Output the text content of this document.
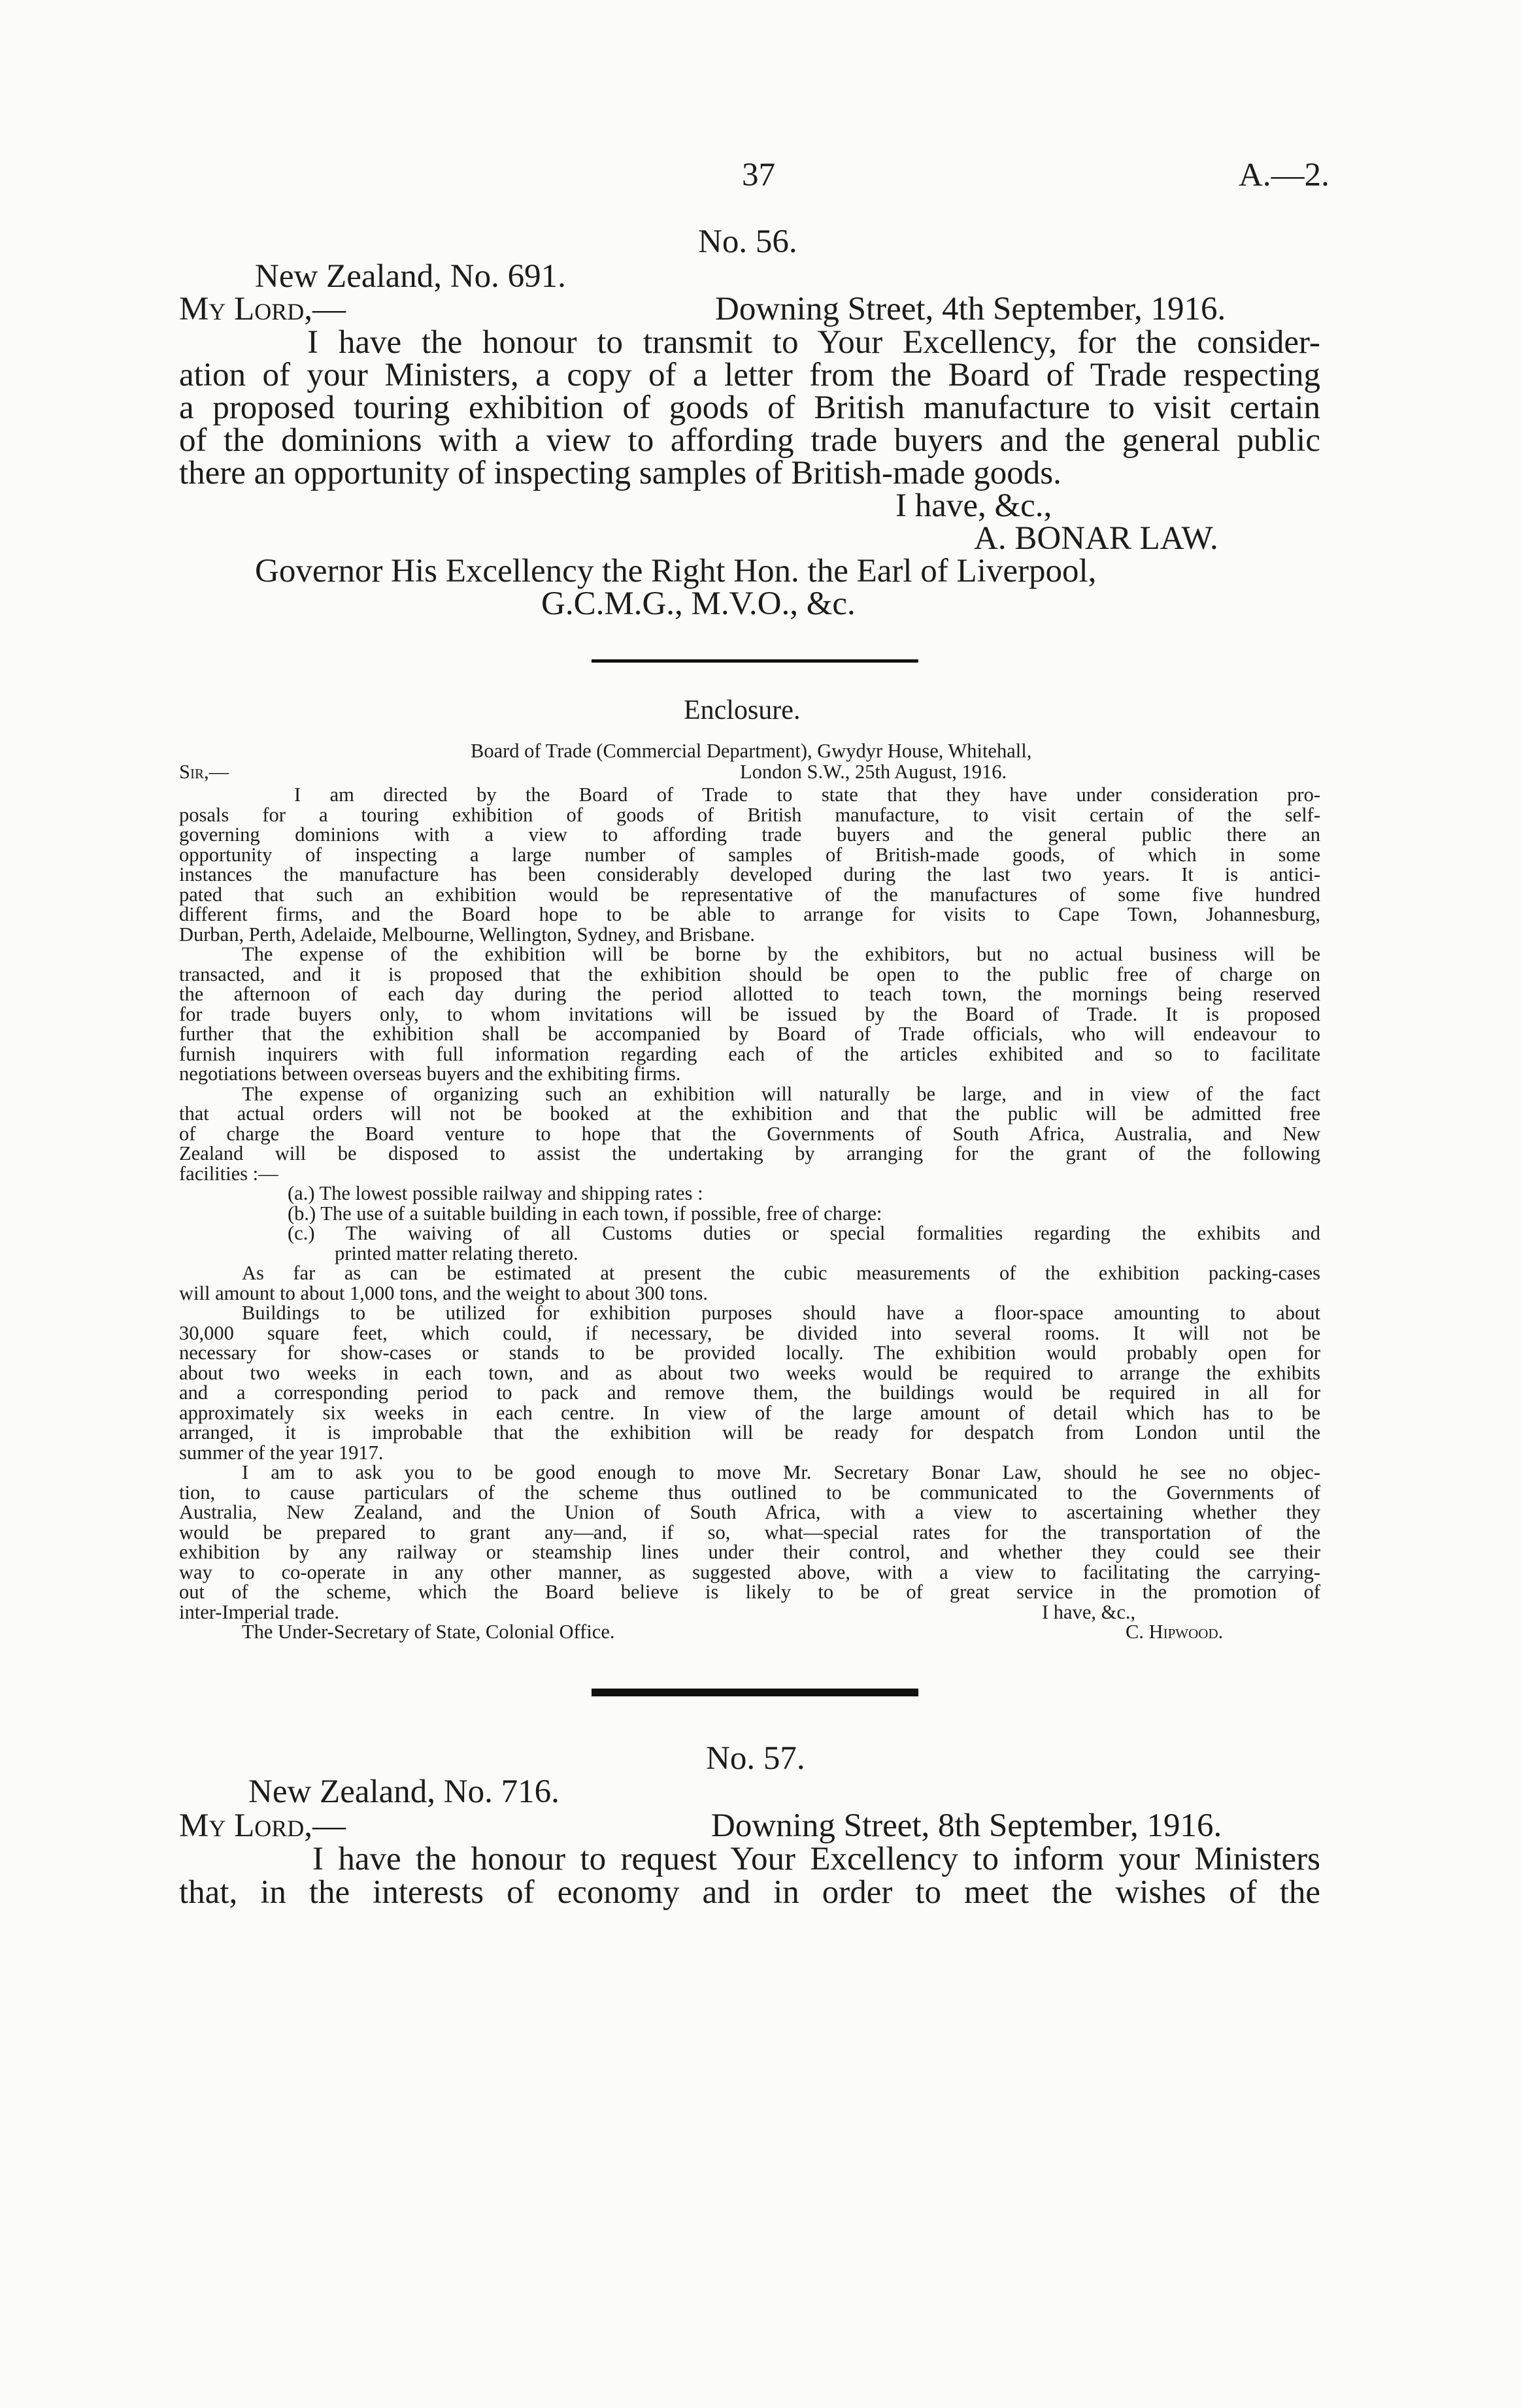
37	A.—2.
No. 56.
New Zealand, No. 691.
My Lord,—	Downing Street, 4th September, 1916.
I have the honour to transmit to Your Excellency, for the consider-
ation of your Ministers, a copy of a letter from the Board of Trade respecting
a proposed touring exhibition of goods of British manufacture to visit certain
of the dominions with a view to affording trade buyers and the general public
there an opportunity of inspecting samples of British-made goods.
I have, &c.,
A. BONAR LAW.
Governor His Excellency the Right Hon. the Earl of Liverpool,
G.C.M.G., M.V.O., &c.
Enclosure.
Board of Trade (Commercial Department), Gwydyr House, Whitehall,
Sir,—	London S.W., 25th August, 1916.
I am directed by the Board of Trade to state that they have under consideration pro-
posals for a touring exhibition of goods of British manufacture, to visit certain of the self-
governing dominions with a view to affording trade buyers and the general public there an
opportunity of inspecting a large number of samples of British-made goods, of which in some
instances the manufacture has been considerably developed during the last two years. It is antici-
pated that such an exhibition would be representative of the manufactures of some five hundred
different firms, and the Board hope to be able to arrange for visits to Cape Town, Johannesburg,
Durban, Perth, Adelaide, Melbourne, Wellington, Sydney, and Brisbane.
The expense of the exhibition will be borne by the exhibitors, but no actual business will be
transacted, and it is proposed that the exhibition should be open to the public free of charge on
the afternoon of each day during the period allotted to teach town, the mornings being reserved
for trade buyers only, to whom invitations will be issued by the Board of Trade. It is proposed
further that the exhibition shall be accompanied by Board of Trade officials, who will endeavour to
furnish inquirers with full information regarding each of the articles exhibited and so to facilitate
negotiations between overseas buyers and the exhibiting firms.
The expense of organizing such an exhibition will naturally be large, and in view of the fact
that actual orders will not be booked at the exhibition and that the public will be admitted free
of charge the Board venture to hope that the Governments of South Africa, Australia, and New
Zealand will be disposed to assist the undertaking by arranging for the grant of the following
facilities :—
(a.) The lowest possible railway and shipping rates :
(b.) The use of a suitable building in each town, if possible, free of charge:
(c.) The waiving of all Customs duties or special formalities regarding the exhibits and
printed matter relating thereto.
As far as can be estimated at present the cubic measurements of the exhibition packing-cases
will amount to about 1,000 tons, and the weight to about 300 tons.
Buildings to be utilized for exhibition purposes should have a floor-space amounting to about
30,000 square feet, which could, if necessary, be divided into several rooms. It will not be
necessary for show-cases or stands to be provided locally. The exhibition would probably open for
about two weeks in each town, and as about two weeks would be required to arrange the exhibits
and a corresponding period to pack and remove them, the buildings would be required in all for
approximately six weeks in each centre. In view of the large amount of detail which has to be
arranged, it is improbable that the exhibition will be ready for despatch from London until the
summer of the year 1917.
I am to ask you to be good enough to move Mr. Secretary Bonar Law, should he see no objec-
tion, to cause particulars of the scheme thus outlined to be communicated to the Governments of
Australia, New Zealand, and the Union of South Africa, with a view to ascertaining whether they
would be prepared to grant any—and, if so, what—special rates for the transportation of the
exhibition by any railway or steamship lines under their control, and whether they could see their
way to co-operate in any other manner, as suggested above, with a view to facilitating the carrying-
out of the scheme, which the Board believe is likely to be of great service in the promotion of
inter-Imperial trade.	I have, &c.,
The Under-Secretary of State, Colonial Office.	C. Hipwood.
No. 57.
New Zealand, No. 716.
My Lord,—	Downing Street, 8th September, 1916.
I have the honour to request Your Excellency to inform your Ministers
that, in the interests of economy and in order to meet the wishes of the
